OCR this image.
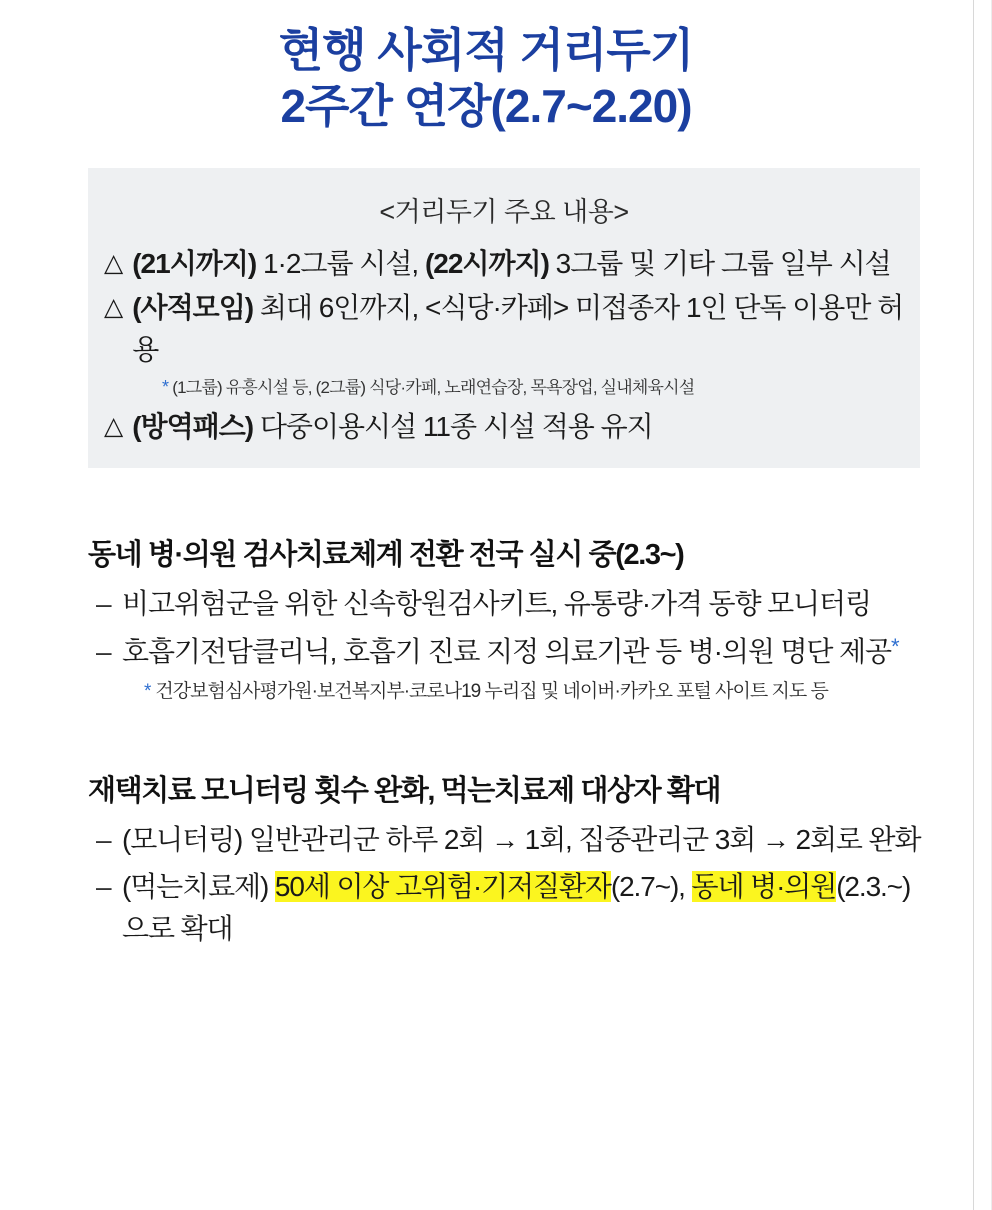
현행 사회적 거리두기
2주간 연장(2.7~2.20)
<거리두기 주요 내용>
△ (21시까지) 1·2그룹 시설, (22시까지) 3그룹 및 기타 그룹 일부 시설
△ (사적모임) 최대 6인까지, <식당·카페> 미접종자 1인 단독 이용만 허용
* (1그룹) 유흥시설 등, (2그룹) 식당·카페, 노래연습장, 목욕장업, 실내체육시설
△ (방역패스) 다중이용시설 11종 시설 적용 유지
동네 병·의원 검사치료체계 전환 전국 실시 중(2.3~)
– 비고위험군을 위한 신속항원검사키트, 유통량·가격 동향 모니터링
– 호흡기전담클리닉, 호흡기 진료 지정 의료기관 등 병·의원 명단 제공*
* 건강보험심사평가원·보건복지부·코로나19 누리집 및 네이버·카카오 포털 사이트 지도 등
재택치료 모니터링 횟수 완화, 먹는치료제 대상자 확대
– (모니터링) 일반관리군 하루 2회 → 1회, 집중관리군 3회 → 2회로 완화
– (먹는치료제) 50세 이상 고위험·기저질환자(2.7~), 동네 병·의원(2.3.~)으로 확대
